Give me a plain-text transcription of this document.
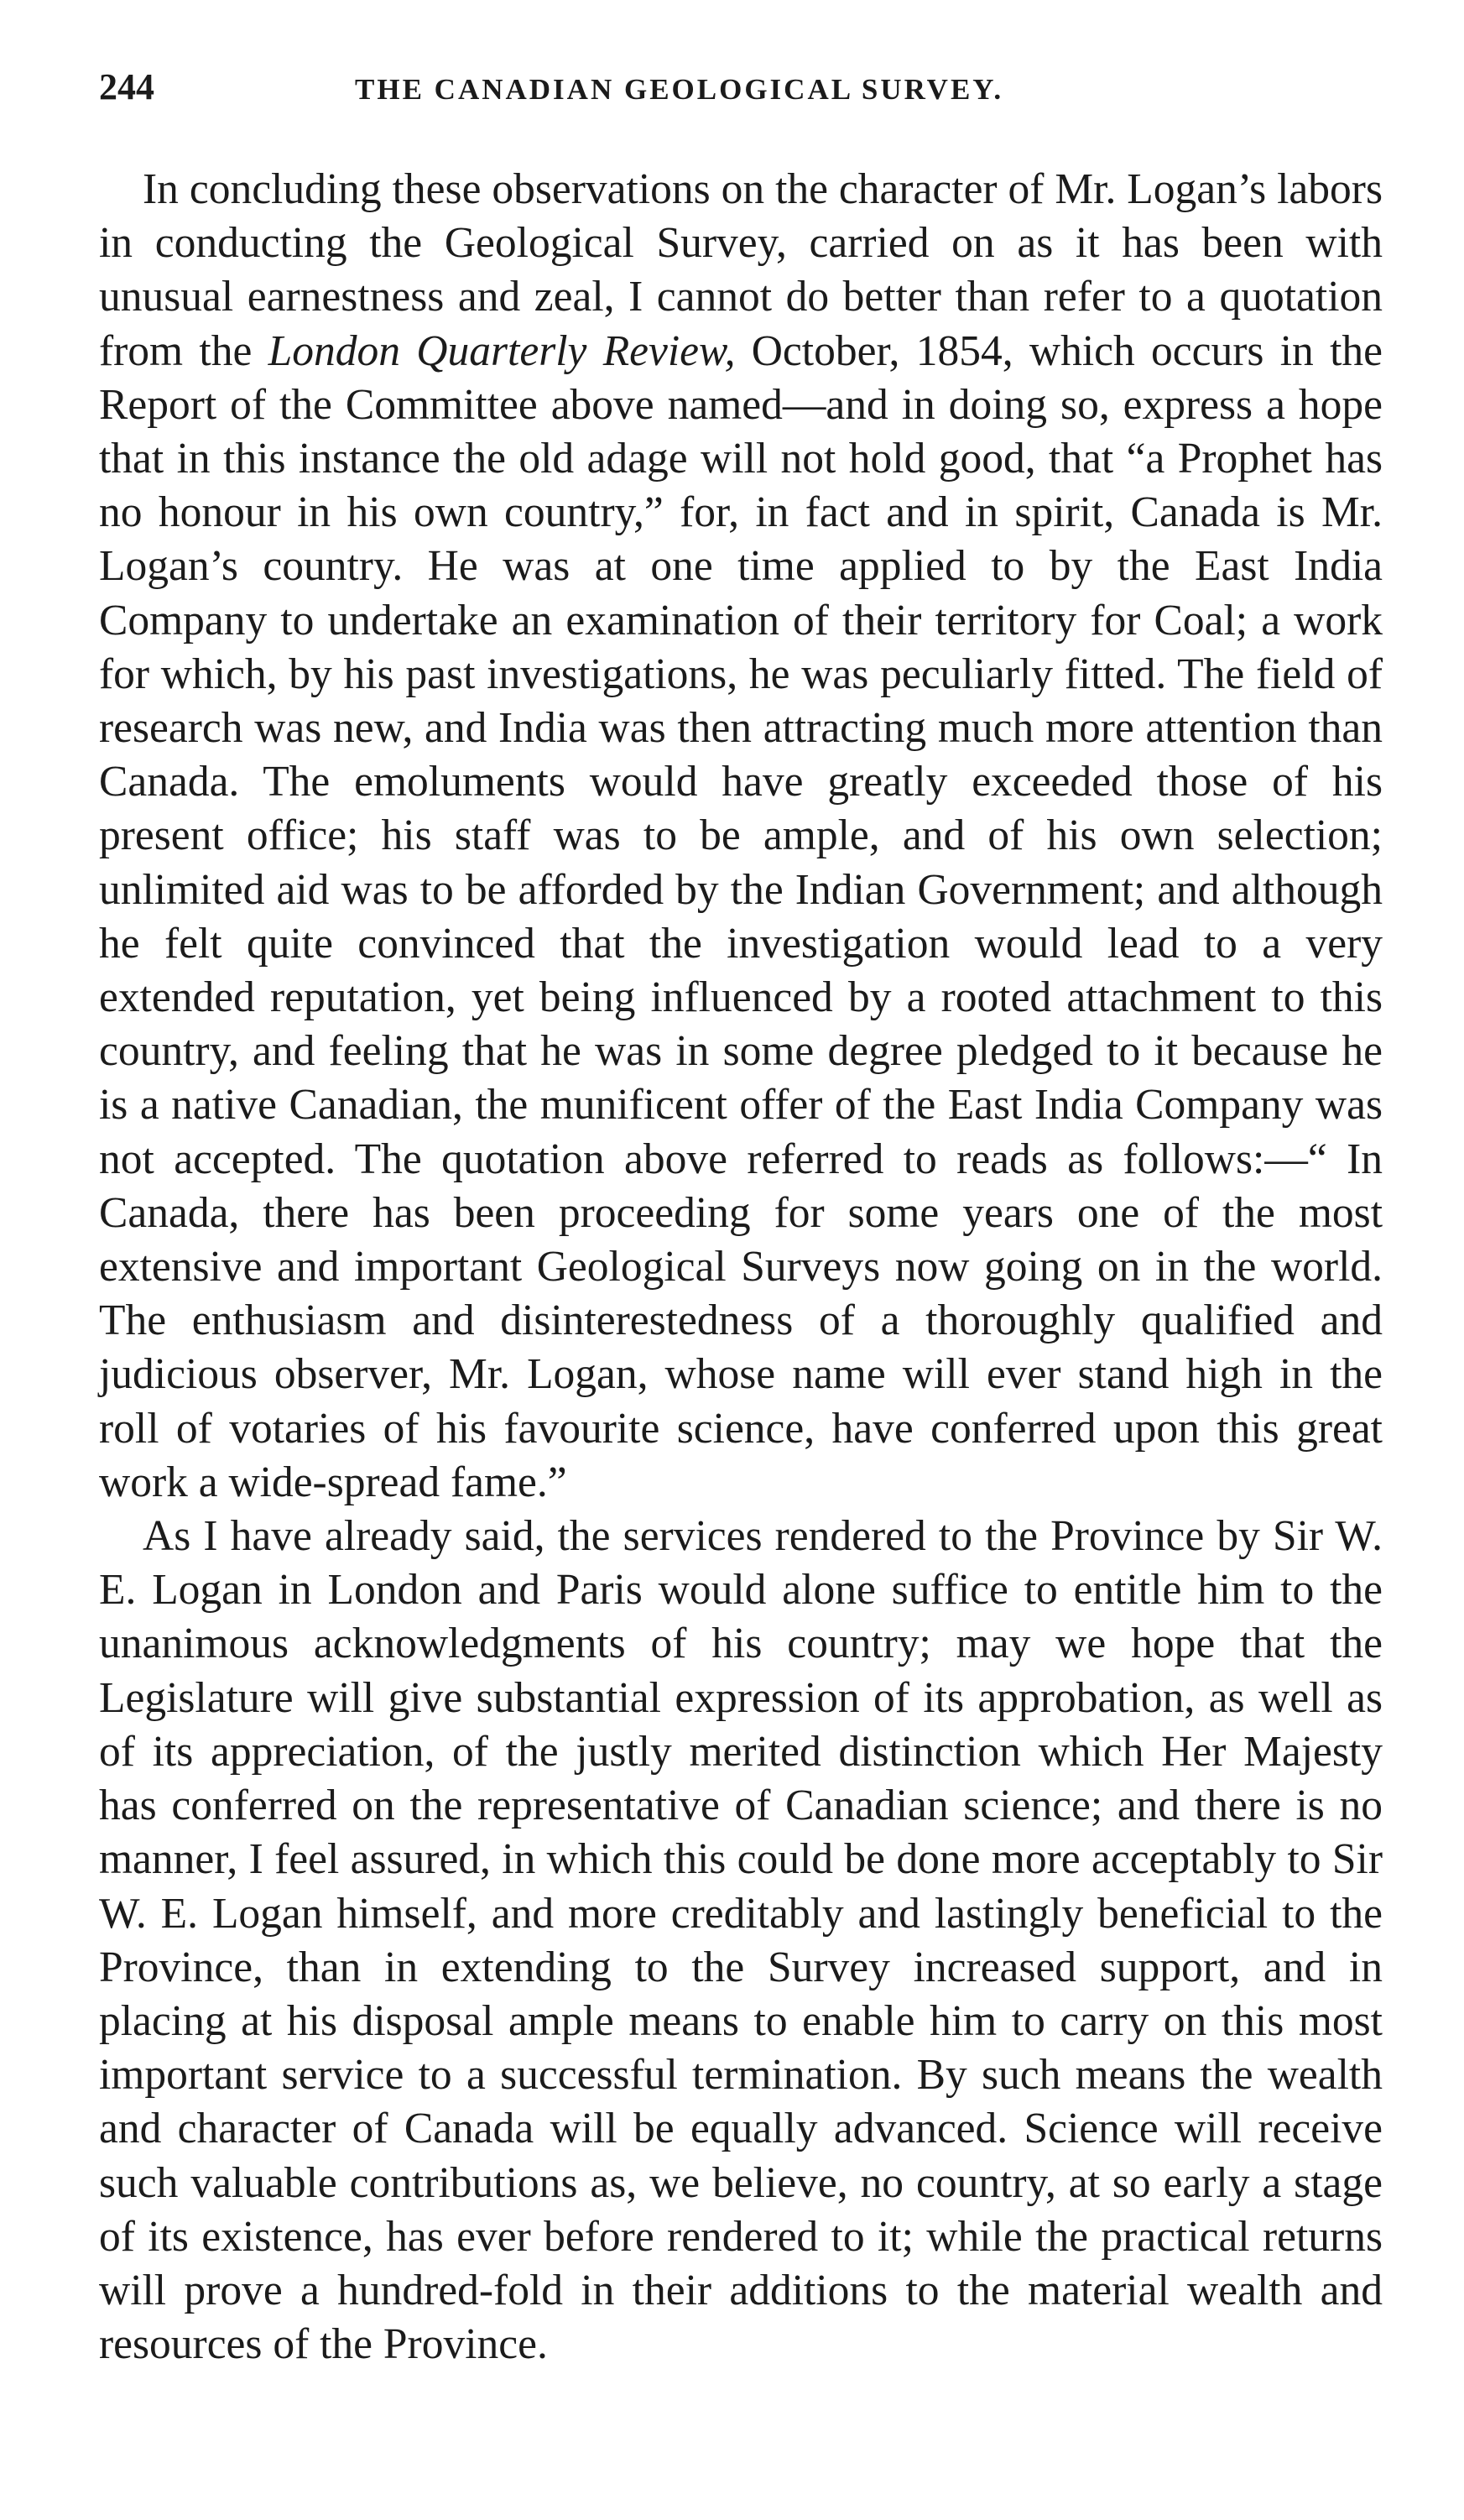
244	THE CANADIAN GEOLOGICAL SURVEY.

In concluding these observations on the character of Mr. Logan’s labors in conducting the Geological Survey, carried on as it has been with unusual earnestness and zeal, I cannot do better than refer to a quotation from the London Quarterly Review, October, 1854, which occurs in the Report of the Committee above named—and in doing so, express a hope that in this instance the old adage will not hold good, that “a Prophet has no honour in his own country,” for, in fact and in spirit, Canada is Mr. Logan’s country. He was at one time applied to by the East India Company to undertake an examination of their territory for Coal; a work for which, by his past investigations, he was peculiarly fitted. The field of research was new, and India was then attracting much more attention than Canada. The emoluments would have greatly exceeded those of his present office; his staff was to be ample, and of his own selection; unlimited aid was to be afforded by the Indian Government; and although he felt quite convinced that the investigation would lead to a very extended reputation, yet being influenced by a rooted attachment to this country, and feeling that he was in some degree pledged to it because he is a native Canadian, the munificent offer of the East India Company was not accepted. The quotation above referred to reads as follows:—“ In Canada, there has been proceeding for some years one of the most extensive and important Geological Surveys now going on in the world. The enthusiasm and disinterestedness of a thoroughly qualified and judicious observer, Mr. Logan, whose name will ever stand high in the roll of votaries of his favourite science, have conferred upon this great work a wide-spread fame.”

As I have already said, the services rendered to the Province by Sir W. E. Logan in London and Paris would alone suffice to entitle him to the unanimous acknowledgments of his country; may we hope that the Legislature will give substantial expression of its approbation, as well as of its appreciation, of the justly merited distinction which Her Majesty has conferred on the representative of Canadian science; and there is no manner, I feel assured, in which this could be done more acceptably to Sir W. E. Logan himself, and more creditably and lastingly beneficial to the Province, than in extending to the Survey increased support, and in placing at his disposal ample means to enable him to carry on this most important service to a successful termination. By such means the wealth and character of Canada will be equally advanced. Science will receive such valuable contributions as, we believe, no country, at so early a stage of its existence, has ever before rendered to it; while the practical returns will prove a hundred-fold in their additions to the material wealth and resources of the Province.
